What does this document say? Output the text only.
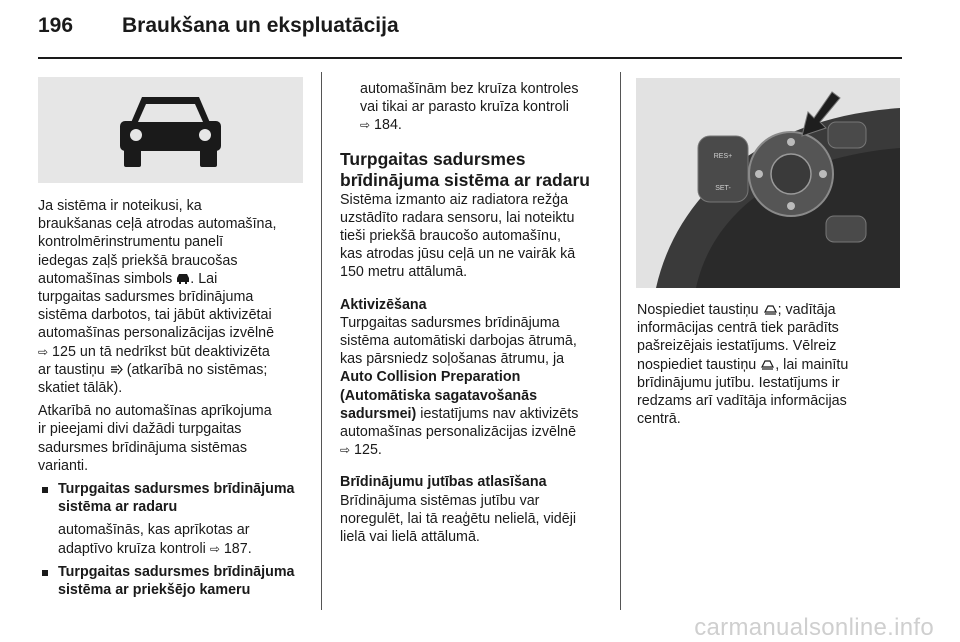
196 Braukšana un ekspluatācija

Ja sistēma ir noteikusi, ka
braukšanas ceļā atrodas automašīna,
kontrolmērinstrumentu panelī
iedegas zaļš priekšā braucošas
automašīnas simbols . Lai
turpgaitas sadursmes brīdinājuma
sistēma darbotos, tai jābūt aktivizētai
automašīnas personalizācijas izvēlnē
⇨ 125 un tā nedrīkst būt deaktivizēta
ar taustiņu (atkarībā no sistēmas;
skatiet tālāk).

Atkarībā no automašīnas aprīkojuma
ir pieejami divi dažādi turpgaitas
sadursmes brīdinājuma sistēmas
varianti.

Turpgaitas sadursmes brīdinājuma
sistēma ar radaru

automašīnās, kas aprīkotas ar
adaptīvo kruīza kontroli ⇨ 187.

Turpgaitas sadursmes brīdinājuma
sistēma ar priekšējo kameru

automašīnām bez kruīza kontroles
vai tikai ar parasto kruīza kontroli
⇨ 184.

Turpgaitas sadursmes
brīdinājuma sistēma ar radaru

Sistēma izmanto aiz radiatora režģa
uzstādīto radara sensoru, lai noteiktu
tieši priekšā braucošo automašīnu,
kas atrodas jūsu ceļā un ne vairāk kā
150 metru attālumā.

Aktivizēšana

Turpgaitas sadursmes brīdinājuma
sistēma automātiski darbojas ātrumā,
kas pārsniedz soļošanas ātrumu, ja
Auto Collision Preparation
(Automātiska sagatavošanās
sadursmei) iestatījums nav aktivizēts
automašīnas personalizācijas izvēlnē
⇨ 125.

Brīdinājumu jutības atlasīšana

Brīdinājuma sistēmas jutību var
noregulēt, lai tā reaģētu nelielā, vidēji
lielā vai lielā attālumā.

RES+
SET-

Nospiediet taustiņu ; vadītāja
informācijas centrā tiek parādīts
pašreizējais iestatījums. Vēlreiz
nospiediet taustiņu , lai mainītu
brīdinājumu jutību. Iestatījums ir
redzams arī vadītāja informācijas
centrā.

carmanualsonline.info
